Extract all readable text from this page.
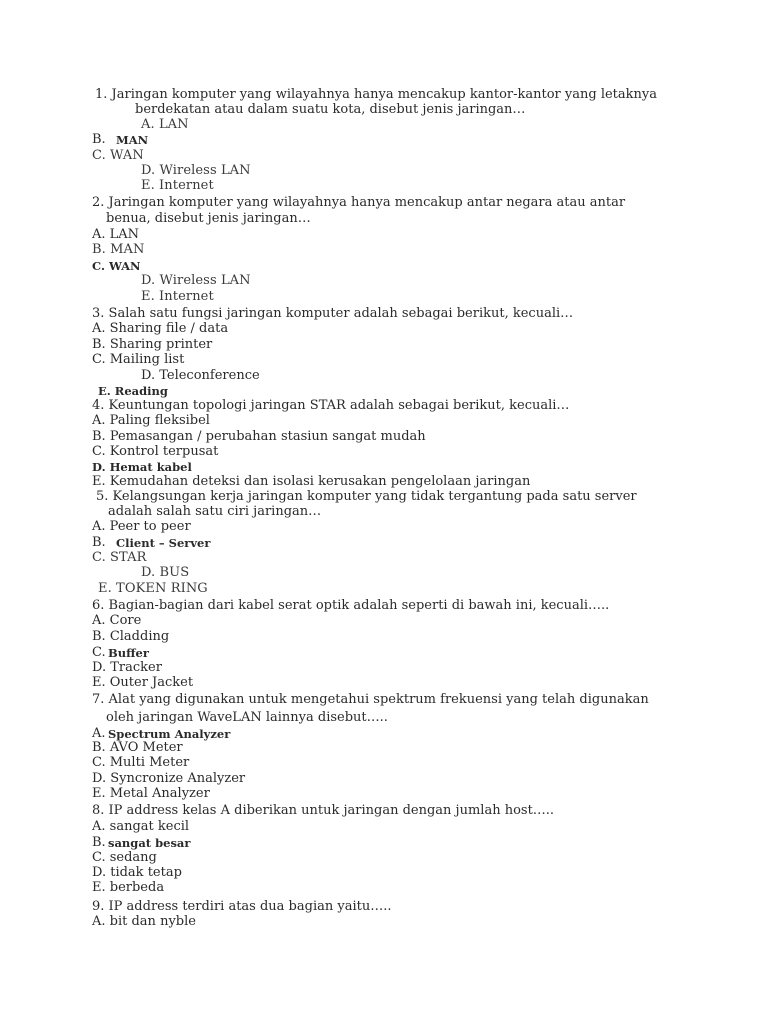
1. Jaringan komputer yang wilayahnya hanya mencakup kantor-kantor yang letaknya
berdekatan atau dalam suatu kota, disebut jenis jaringan…
A. LAN
B. MAN
C. WAN
D. Wireless LAN
E. Internet
2. Jaringan komputer yang wilayahnya hanya mencakup antar negara atau antar
benua, disebut jenis jaringan…
A. LAN
B. MAN
C. WAN
D. Wireless LAN
E. Internet
3. Salah satu fungsi jaringan komputer adalah sebagai berikut, kecuali…
A. Sharing file / data
B. Sharing printer
C. Mailing list
D. Teleconference
E. Reading
4. Keuntungan topologi jaringan STAR adalah sebagai berikut, kecuali…
A. Paling fleksibel
B. Pemasangan / perubahan stasiun sangat mudah
C. Kontrol terpusat
D. Hemat kabel
E. Kemudahan deteksi dan isolasi kerusakan pengelolaan jaringan
5. Kelangsungan kerja jaringan komputer yang tidak tergantung pada satu server
adalah salah satu ciri jaringan…
A. Peer to peer
B. Client – Server
C. STAR
D. BUS
E. TOKEN RING
6. Bagian-bagian dari kabel serat optik adalah seperti di bawah ini, kecuali…..
A. Core
B. Cladding
C. Buffer
D. Tracker
E. Outer Jacket
7. Alat yang digunakan untuk mengetahui spektrum frekuensi yang telah digunakan
oleh jaringan WaveLAN lainnya disebut…..
A. Spectrum Analyzer
B. AVO Meter
C. Multi Meter
D. Syncronize Analyzer
E. Metal Analyzer
8. IP address kelas A diberikan untuk jaringan dengan jumlah host…..
A. sangat kecil
B. sangat besar
C. sedang
D. tidak tetap
E. berbeda
9. IP address terdiri atas dua bagian yaitu…..
A. bit dan nyble
